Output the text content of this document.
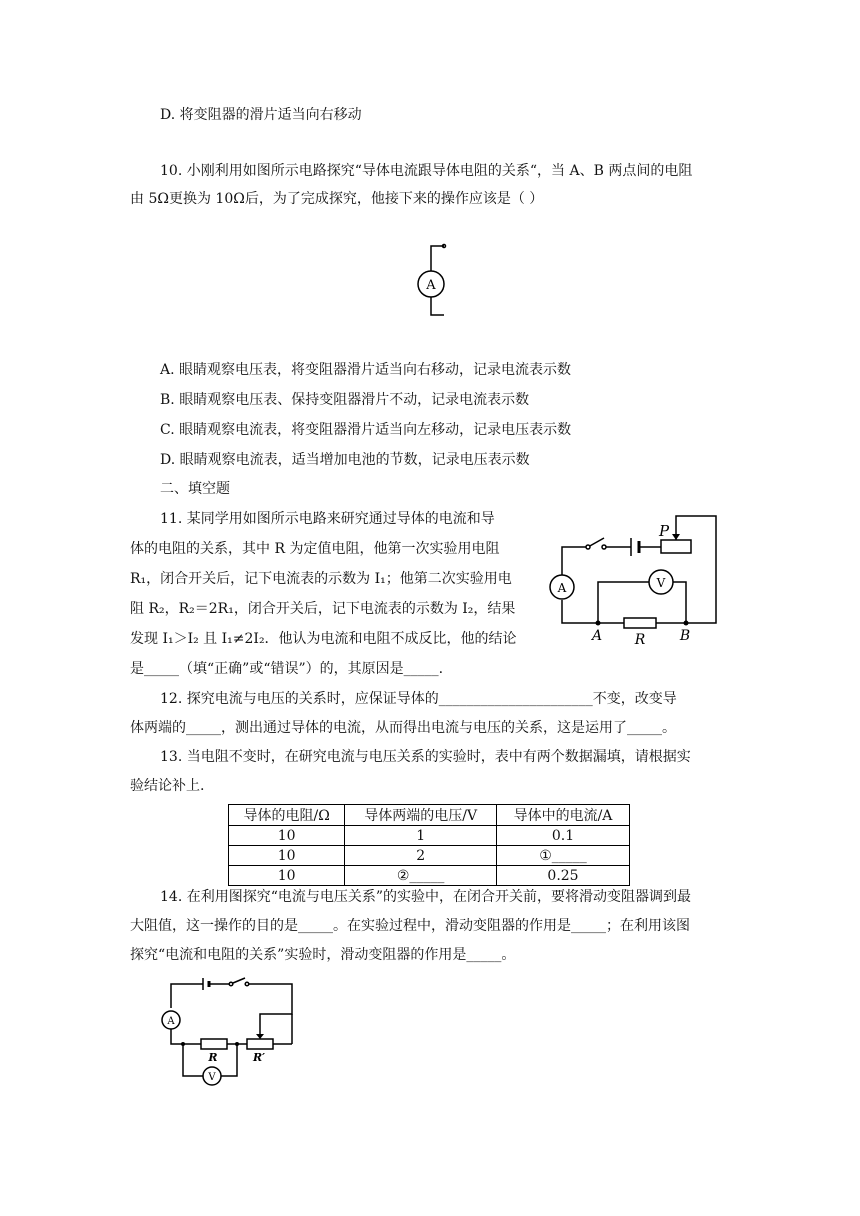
D. 将变阻器的滑片适当向右移动

10. 小刚利用如图所示电路探究“导体电流跟导体电阻的关系“，当 A、B 两点间的电阻

由 5Ω更换为 10Ω后，为了完成探究，他接下来的操作应该是（ ）

A

A. 眼睛观察电压表，将变阻器滑片适当向右移动，记录电流表示数

B. 眼睛观察电压表、保持变阻器滑片不动，记录电流表示数

C. 眼睛观察电流表，将变阻器滑片适当向左移动，记录电压表示数

D. 眼睛观察电流表，适当增加电池的节数，记录电压表示数

二、填空题

11. 某同学用如图所示电路来研究通过导体的电流和导

体的电阻的关系，其中 R 为定值电阻，他第一次实验用电阻

R₁，闭合开关后，记下电流表的示数为 I₁；他第二次实验用电

阻 R₂，R₂＝2R₁，闭合开关后，记下电流表的示数为 I₂，结果

发现 I₁＞I₂ 且 I₁≠2I₂．他认为电流和电阻不成反比，他的结论

是_____（填“正确”或“错误”）的，其原因是_____.

P
A	V
A R B

12. 探究电流与电压的关系时，应保证导体的______________________不变，改变导

体两端的_____，测出通过导体的电流，从而得出电流与电压的关系，这是运用了_____。

13. 当电阻不变时，在研究电流与电压关系的实验时，表中有两个数据漏填，请根据实

验结论补上.

导体的电阻/Ω	导体两端的电压/V	导体中的电流/A
10	1	0.1
10	2	①_____
10	②_____	0.25

14. 在利用图探究“电流与电压关系”的实验中，在闭合开关前，要将滑动变阻器调到最

大阻值，这一操作的目的是_____。在实验过程中，滑动变阻器的作用是_____；在利用该图

探究“电流和电阻的关系”实验时，滑动变阻器的作用是_____。

A
R	R′
V
